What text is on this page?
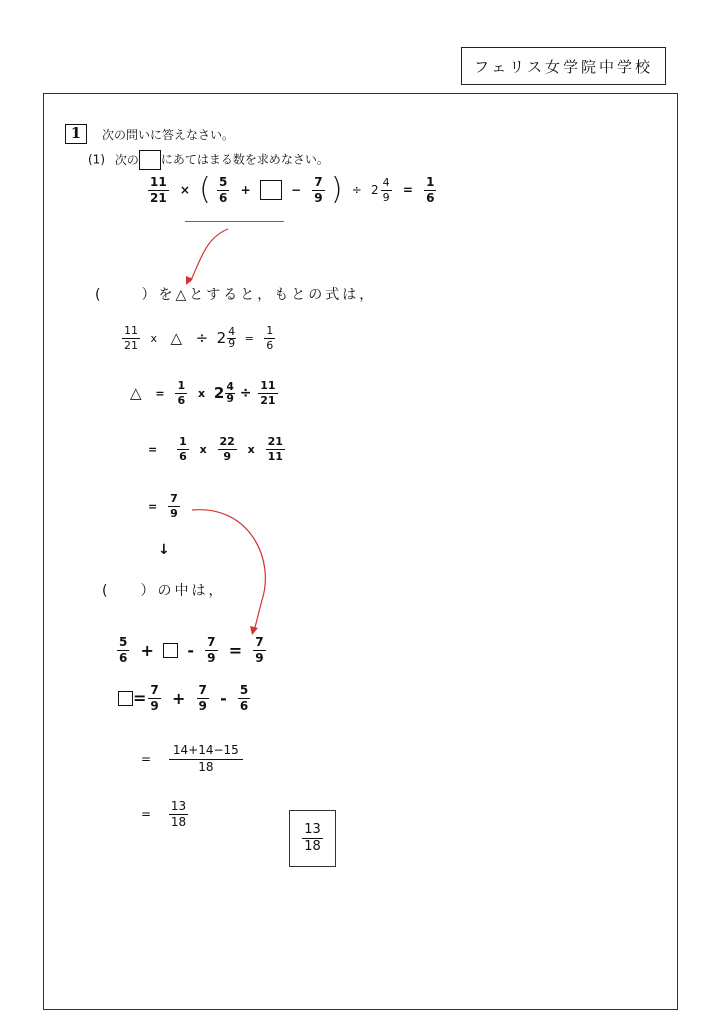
フェリス女学院中学校
1	次の問いに答えなさい。
(1) 次の にあてはまる数を求めなさい。
$\frac{11}{21}$ × ( $\frac{5}{6}$ +	− $\frac{7}{9}$ ) ÷ $2 \frac{4}{9} = \frac{1}{6}$
(	）を△とすると，もとの式は，
$\frac{11}{21}$ x △ ÷ 2 4
$9 = \frac{1}{6}$
△ = $\frac{1}{6}$ x 2 4
$9 \div \frac{11}{21}$
= $\frac{1}{6}$ x $\frac{22}{9}$ x $\frac{21}{11}$
= $\frac{7}{9}$
↓
( ）の中は，
$\frac{5}{6}$ + - $\frac{7}{9} = \frac{7}{9}$
= $\frac{7}{9} + \frac{7}{9} - \frac{5}{6}$
= $\frac{14+14-15}{18}$
= $\frac{13}{18}$
$\frac{13}{18}$
